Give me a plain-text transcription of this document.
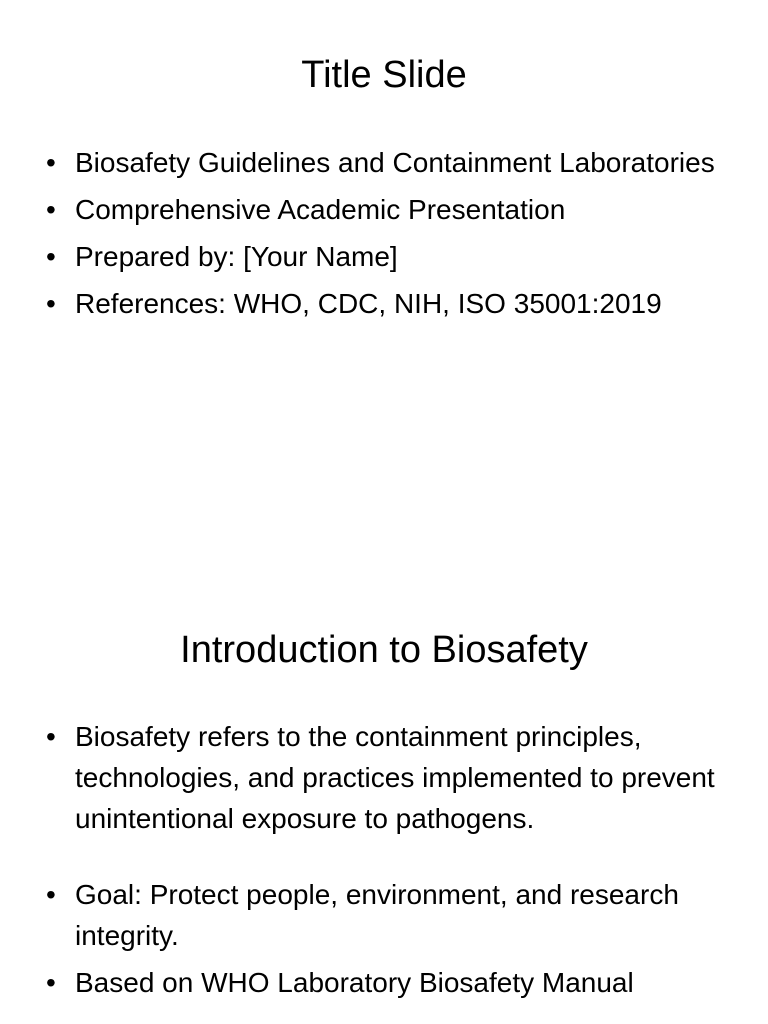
Title Slide
• Biosafety Guidelines and Containment Laboratories
• Comprehensive Academic Presentation
• Prepared by: [Your Name]
• References: WHO, CDC, NIH, ISO 35001:2019
Introduction to Biosafety
• Biosafety refers to the containment principles, technologies, and practices implemented to prevent unintentional exposure to pathogens.
• Goal: Protect people, environment, and research integrity.
• Based on WHO Laboratory Biosafety Manual
